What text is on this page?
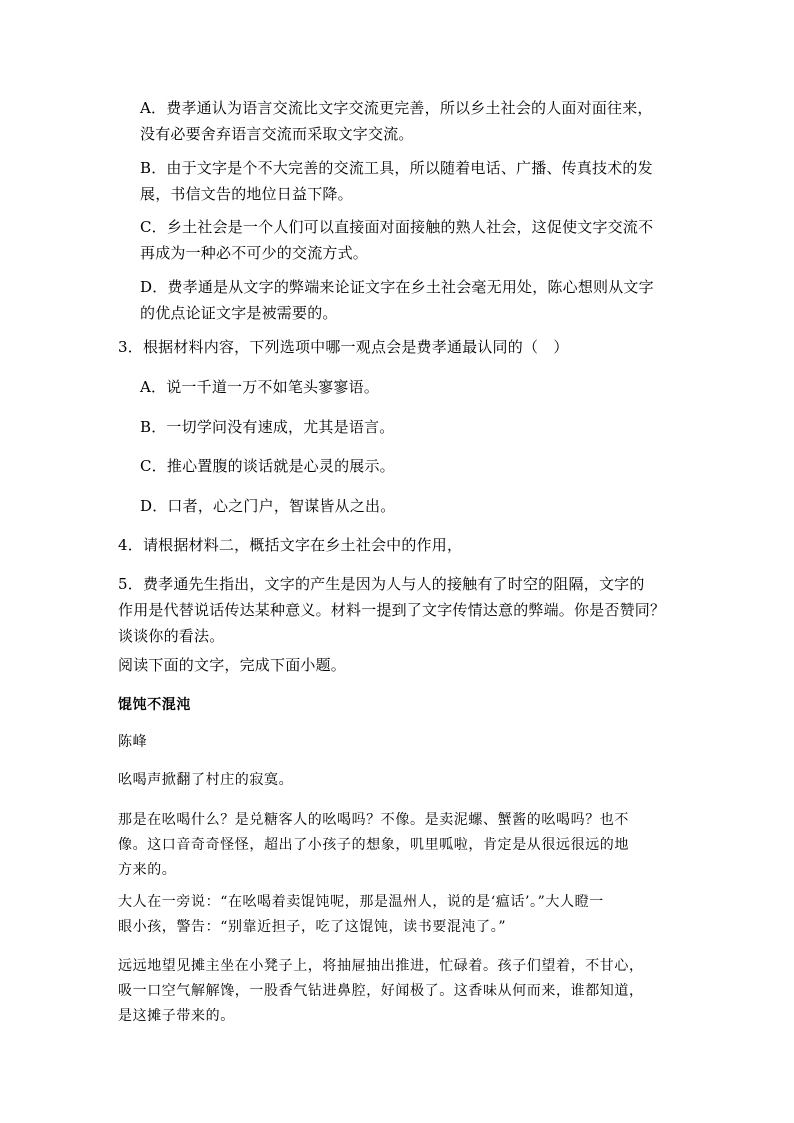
A．费孝通认为语言交流比文字交流更完善，所以乡土社会的人面对面往来，
没有必要舍弃语言交流而采取文字交流。
B．由于文字是个不大完善的交流工具，所以随着电话、广播、传真技术的发
展，书信文告的地位日益下降。
C．乡土社会是一个人们可以直接面对面接触的熟人社会，这促使文字交流不
再成为一种必不可少的交流方式。
D．费孝通是从文字的弊端来论证文字在乡土社会毫无用处，陈心想则从文字
的优点论证文字是被需要的。
3．根据材料内容，下列选项中哪一观点会是费孝通最认同的（　）
A．说一千道一万不如笔头寥寥语。
B．一切学问没有速成，尤其是语言。
C．推心置腹的谈话就是心灵的展示。
D．口者，心之门户，智谋皆从之出。
4．请根据材料二，概括文字在乡土社会中的作用，
5．费孝通先生指出，文字的产生是因为人与人的接触有了时空的阻隔，文字的
作用是代替说话传达某种意义。材料一提到了文字传情达意的弊端。你是否赞同？
谈谈你的看法。
阅读下面的文字，完成下面小题。
馄饨不混沌
陈峰
吆喝声掀翻了村庄的寂寞。
那是在吆喝什么？是兑糖客人的吆喝吗？不像。是卖泥螺、蟹酱的吆喝吗？也不
像。这口音奇奇怪怪，超出了小孩子的想象，叽里呱啦，肯定是从很远很远的地
方来的。
大人在一旁说：“在吆喝着卖馄饨呢，那是温州人，说的是‘瘟话’。”大人瞪一
眼小孩，警告：“别靠近担子，吃了这馄饨，读书要混沌了。”
远远地望见摊主坐在小凳子上，将抽屉抽出推进，忙碌着。孩子们望着，不甘心，
吸一口空气解解馋，一股香气钻进鼻腔，好闻极了。这香味从何而来，谁都知道，
是这摊子带来的。
